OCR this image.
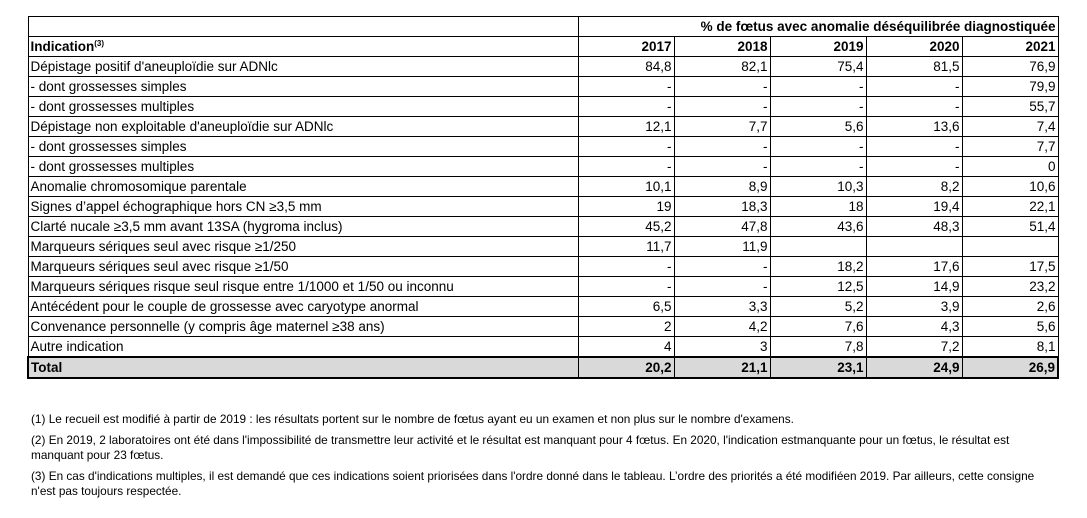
	% de fœtus avec anomalie déséquilibrée diagnostiquée				
Indication$^{(3)}$	2017	2018	2019	2020	2021
Dépistage positif d'aneuploïdie sur ADNlc	84,8	82,1	75,4	81,5	76,9
- dont grossesses simples	-	-	-	-	79,9
- dont grossesses multiples	-	-	-	-	55,7
Dépistage non exploitable d'aneuploïdie sur ADNlc	12,1	7,7	5,6	13,6	7,4
- dont grossesses simples	-	-	-	-	7,7
- dont grossesses multiples	-	-	-	-	0
Anomalie chromosomique parentale	10,1	8,9	10,3	8,2	10,6
Signes d’appel échographique hors CN ≥3,5 mm	19	18,3	18	19,4	22,1
Clarté nucale ≥3,5 mm avant 13SA (hygroma inclus)	45,2	47,8	43,6	48,3	51,4
Marqueurs sériques seul avec risque ≥1/250	11,7	11,9			
Marqueurs sériques seul avec risque ≥1/50	-	-	18,2	17,6	17,5
Marqueurs sériques risque seul risque entre 1/1000 et 1/50 ou inconnu	-	-	12,5	14,9	23,2
Antécédent pour le couple de grossesse avec caryotype anormal	6,5	3,3	5,2	3,9	2,6
Convenance personnelle (y compris âge maternel ≥38 ans)	2	4,2	7,6	4,3	5,6
Autre indication	4	3	7,8	7,2	8,1
Total	20,2	21,1	23,1	24,9	26,9

(1) Le recueil est modifié à partir de 2019 : les résultats portent sur le nombre de fœtus ayant eu un examen et non plus sur le nombre d'examens.

(2) En 2019, 2 laboratoires ont été dans l'impossibilité de transmettre leur activité et le résultat est manquant pour 4 fœtus. En 2020, l'indication estmanquante pour un fœtus, le résultat est manquant pour 23 fœtus.

(3) En cas d'indications multiples, il est demandé que ces indications soient priorisées dans l'ordre donné dans le tableau. L’ordre des priorités a été modifiéen 2019. Par ailleurs, cette consigne n'est pas toujours respectée.
